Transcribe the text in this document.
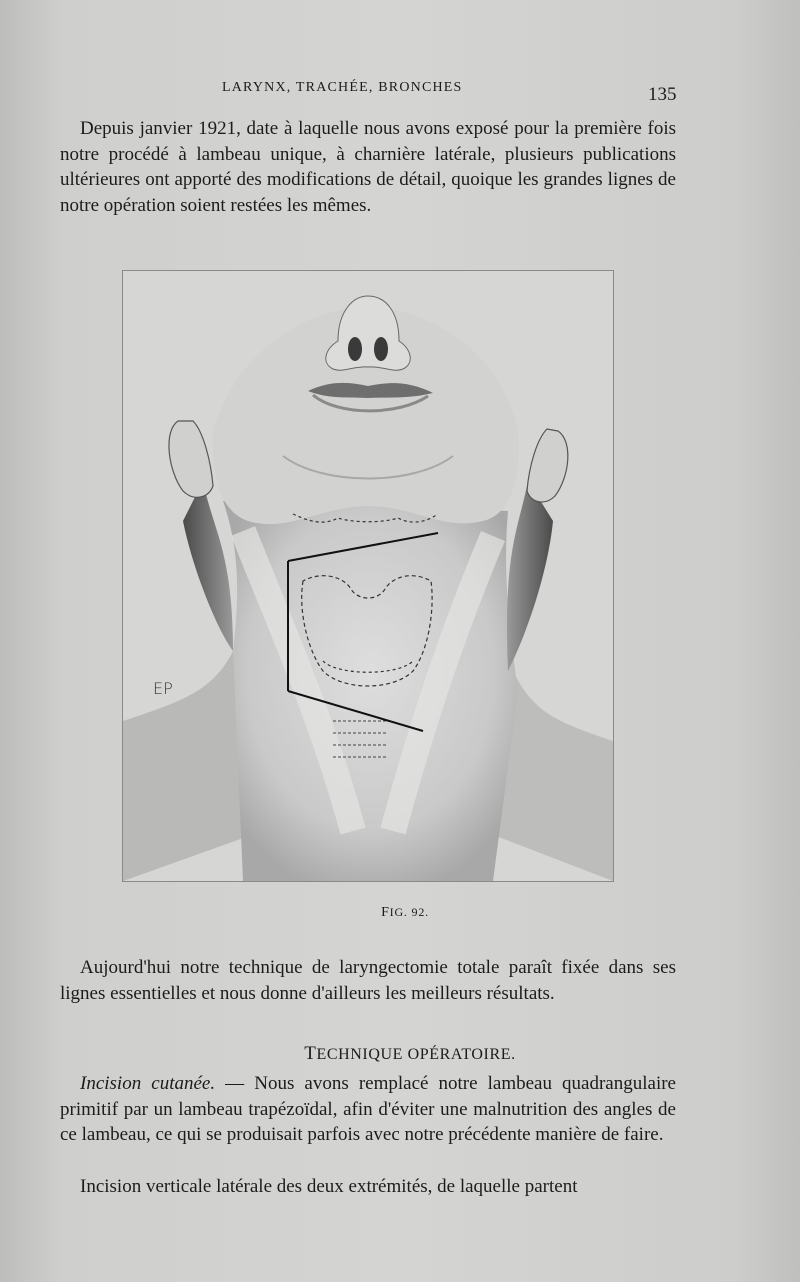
LARYNX, TRACHÉE, BRONCHES	135

Depuis janvier 1921, date à laquelle nous avons exposé pour la première fois notre procédé à lambeau unique, à charnière latérale, plusieurs publications ultérieures ont apporté des modifications de détail, quoique les grandes lignes de notre opération soient restées les mêmes.

EP
FIG. 92.

Aujourd'hui notre technique de laryngectomie totale paraît fixée dans ses lignes essentielles et nous donne d'ailleurs les meilleurs résultats.

TECHNIQUE OPÉRATOIRE.

Incision cutanée. — Nous avons remplacé notre lambeau quadrangulaire primitif par un lambeau trapézoïdal, afin d'éviter une malnutrition des angles de ce lambeau, ce qui se produisait parfois avec notre précédente manière de faire.

Incision verticale latérale des deux extrémités, de laquelle partent
